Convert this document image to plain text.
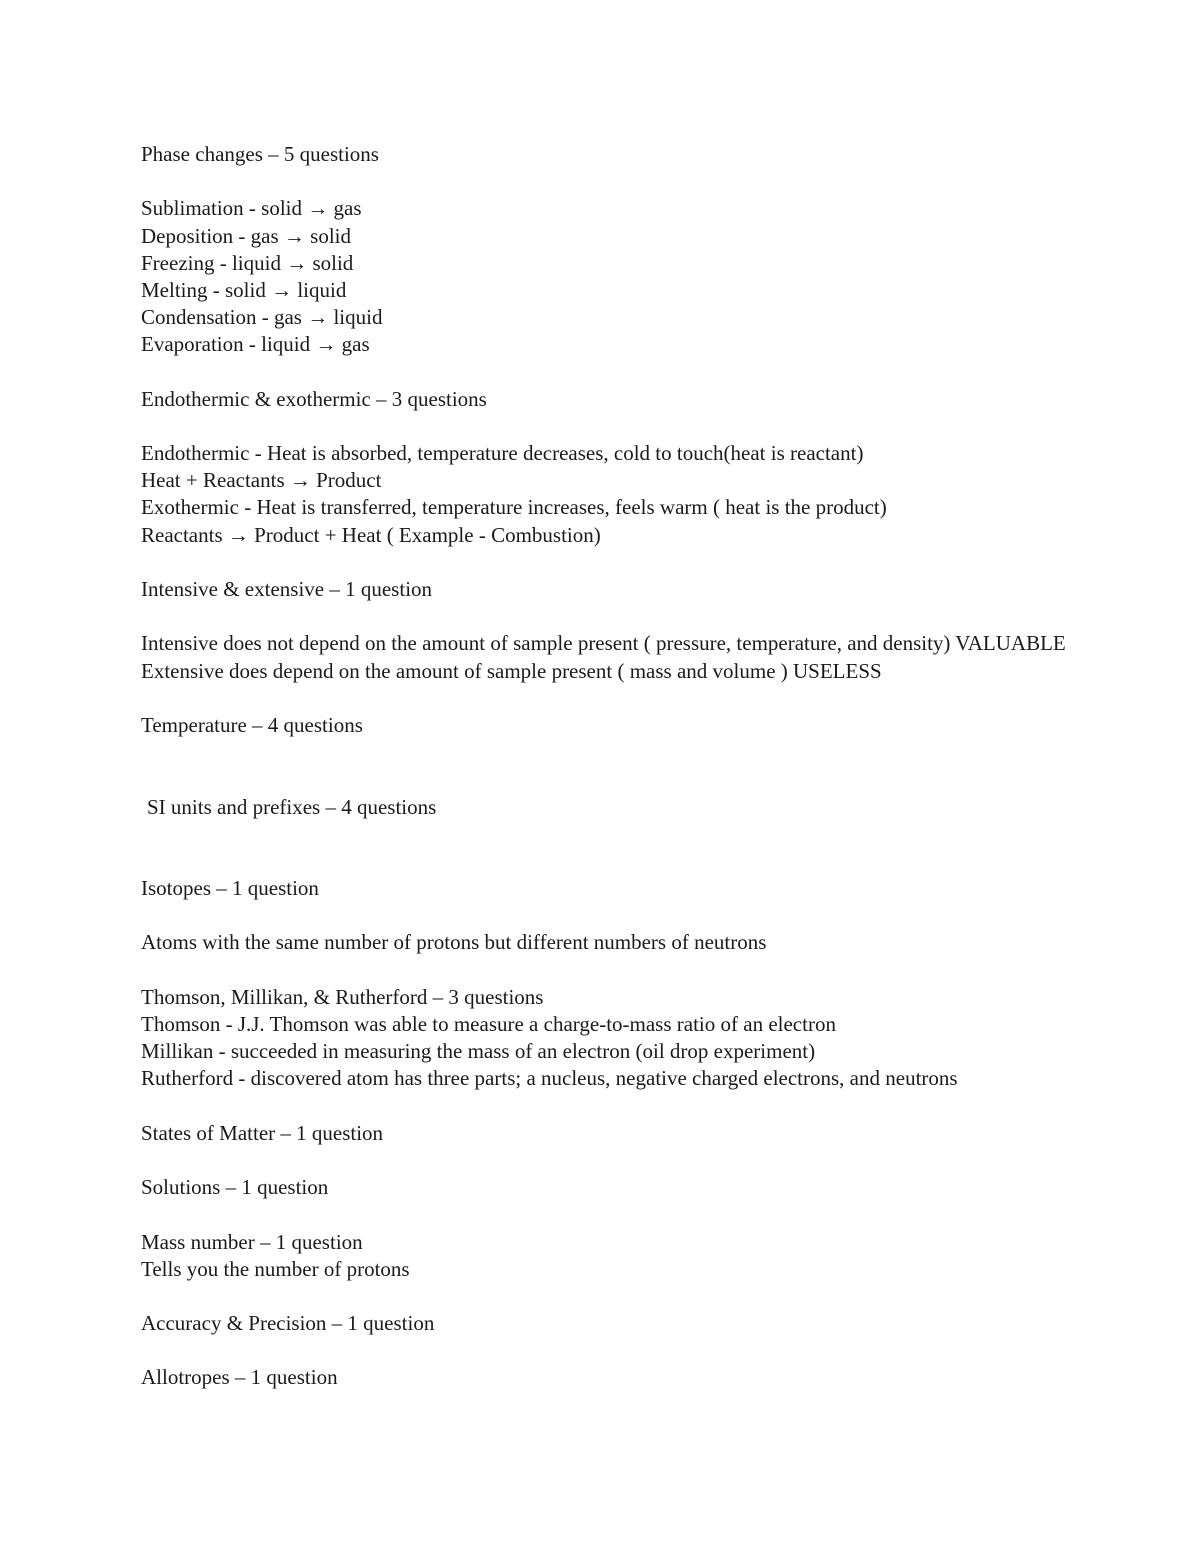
Phase changes – 5 questions
Sublimation - solid → gas
Deposition - gas → solid
Freezing - liquid → solid
Melting - solid → liquid
Condensation - gas → liquid
Evaporation - liquid → gas
Endothermic & exothermic – 3 questions
Endothermic - Heat is absorbed, temperature decreases, cold to touch(heat is reactant)
Heat + Reactants → Product
Exothermic - Heat is transferred, temperature increases, feels warm ( heat is the product)
Reactants → Product + Heat ( Example - Combustion)
Intensive & extensive – 1 question
Intensive does not depend on the amount of sample present ( pressure, temperature, and density) VALUABLE
Extensive does depend on the amount of sample present ( mass and volume ) USELESS
Temperature – 4 questions
SI units and prefixes – 4 questions
Isotopes – 1 question
Atoms with the same number of protons but different numbers of neutrons
Thomson, Millikan, & Rutherford – 3 questions
Thomson - J.J. Thomson was able to measure a charge-to-mass ratio of an electron
Millikan - succeeded in measuring the mass of an electron (oil drop experiment)
Rutherford - discovered atom has three parts; a nucleus, negative charged electrons, and neutrons
States of Matter – 1 question
Solutions – 1 question
Mass number – 1 question
Tells you the number of protons
Accuracy & Precision – 1 question
Allotropes – 1 question
